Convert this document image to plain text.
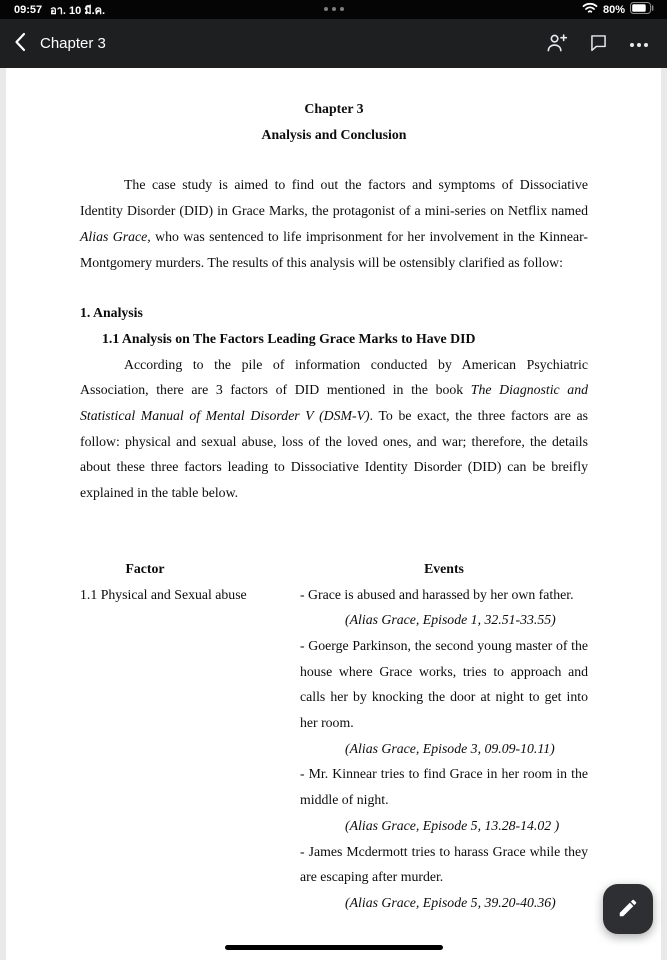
09:57 อา. 10 มี.ค.	80%
Chapter 3
Chapter 3
Analysis and Conclusion

The case study is aimed to find out the factors and symptoms of Dissociative Identity Disorder (DID) in Grace Marks, the protagonist of a mini-series on Netflix named Alias Grace, who was sentenced to life imprisonment for her involvement in the Kinnear-Montgomery murders. The results of this analysis will be ostensibly clarified as follow:

1. Analysis
1.1 Analysis on The Factors Leading Grace Marks to Have DID

According to the pile of information conducted by American Psychiatric Association, there are 3 factors of DID mentioned in the book The Diagnostic and Statistical Manual of Mental Disorder V (DSM-V). To be exact, the three factors are as follow: physical and sexual abuse, loss of the loved ones, and war; therefore, the details about these three factors leading to Dissociative Identity Disorder (DID) can be breifly explained in the table below.

Factor	Events
1.1 Physical and Sexual abuse	- Grace is abused and harassed by her own father.
(Alias Grace, Episode 1, 32.51-33.55)
- Goerge Parkinson, the second young master of the house where Grace works, tries to approach and calls her by knocking the door at night to get into her room.
(Alias Grace, Episode 3, 09.09-10.11)
- Mr. Kinnear tries to find Grace in her room in the middle of night.
(Alias Grace, Episode 5, 13.28-14.02 )
- James Mcdermott tries to harass Grace while they are escaping after murder.
(Alias Grace, Episode 5, 39.20-40.36)
